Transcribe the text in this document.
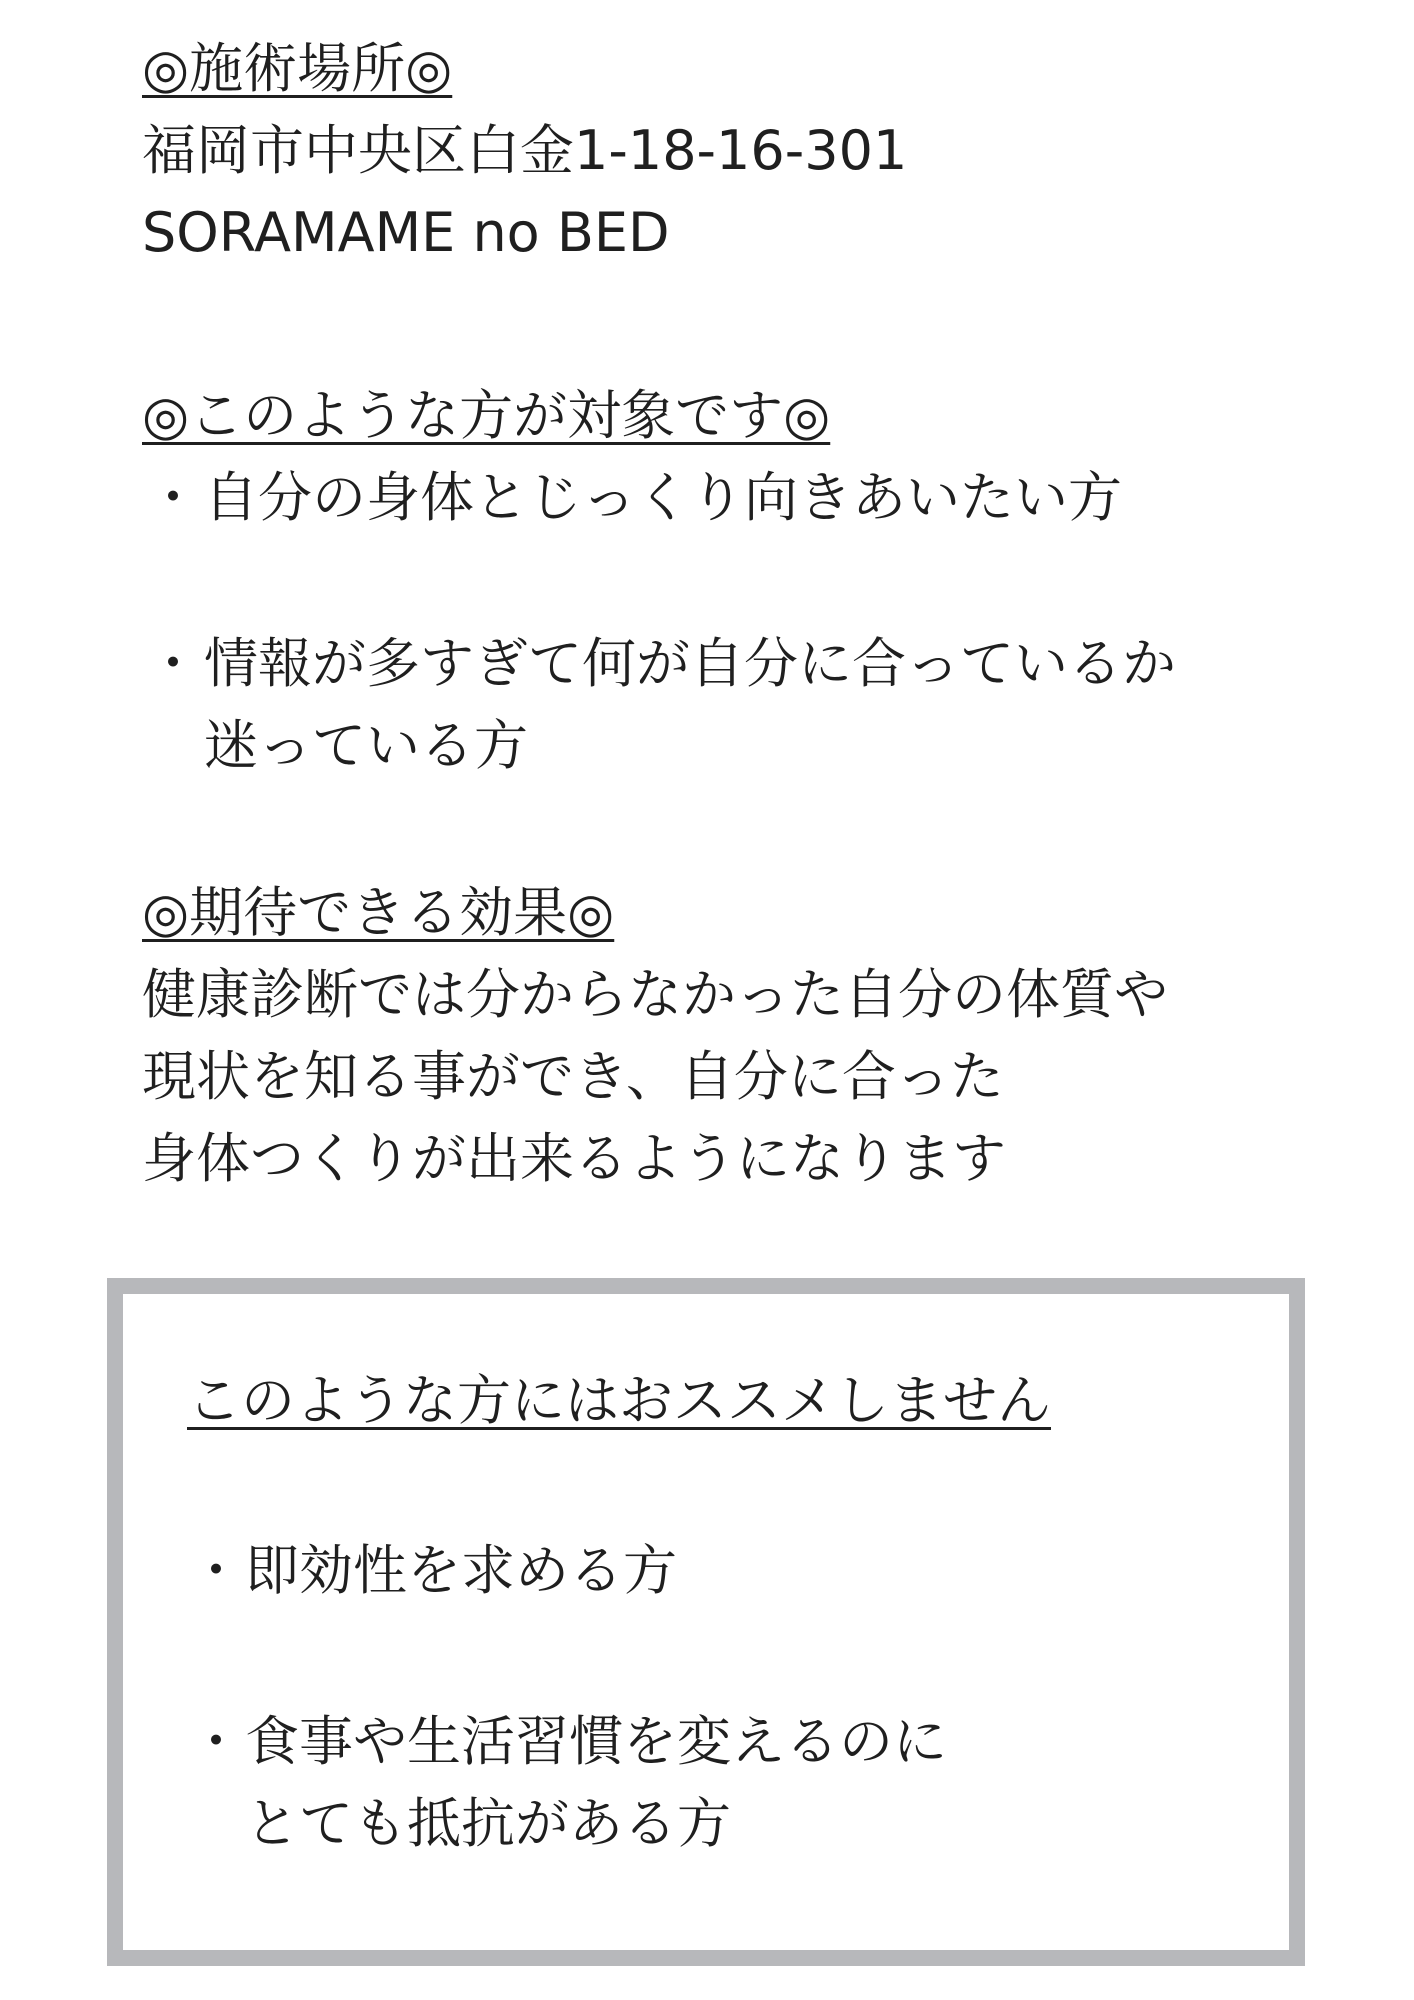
◎施術場所◎
福岡市中央区白金1-18-16-301
SORAMAME no BED
◎このような方が対象です◎
・ 自分の身体とじっくり向きあいたい方
・ 情報が多すぎて何が自分に合っているか
迷っている方
◎期待できる効果◎
健康診断では分からなかった自分の体質や
現状を知る事ができ、自分に合った
身体つくりが出来るようになります
このような方にはおススメしません
・ 即効性を求める方
・ 食事や生活習慣を変えるのに
とても抵抗がある方
